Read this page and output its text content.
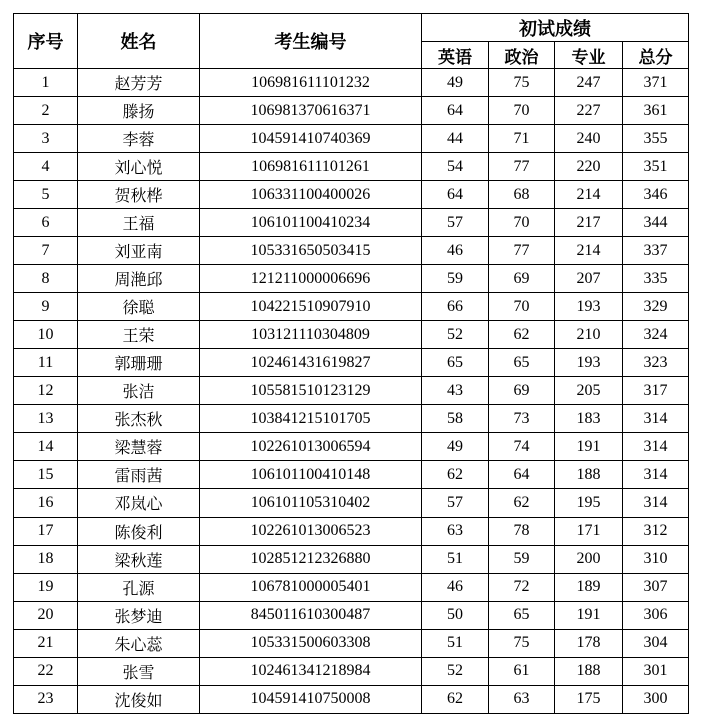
序号	姓名	考生编号	初试成绩			
			英语	政治	专业	总分
1	赵芳芳	106981611101232	49	75	247	371
2	滕扬	106981370616371	64	70	227	361
3	李蓉	104591410740369	44	71	240	355
4	刘心悦	106981611101261	54	77	220	351
5	贺秋桦	106331100400026	64	68	214	346
6	王福	106101100410234	57	70	217	344
7	刘亚南	105331650503415	46	77	214	337
8	周滟邱	121211000006696	59	69	207	335
9	徐聪	104221510907910	66	70	193	329
10	王荣	103121110304809	52	62	210	324
11	郭珊珊	102461431619827	65	65	193	323
12	张洁	105581510123129	43	69	205	317
13	张杰秋	103841215101705	58	73	183	314
14	梁慧蓉	102261013006594	49	74	191	314
15	雷雨茜	106101100410148	62	64	188	314
16	邓岚心	106101105310402	57	62	195	314
17	陈俊利	102261013006523	63	78	171	312
18	梁秋莲	102851212326880	51	59	200	310
19	孔源	106781000005401	46	72	189	307
20	张梦迪	845011610300487	50	65	191	306
21	朱心蕊	105331500603308	51	75	178	304
22	张雪	102461341218984	52	61	188	301
23	沈俊如	104591410750008	62	63	175	300
